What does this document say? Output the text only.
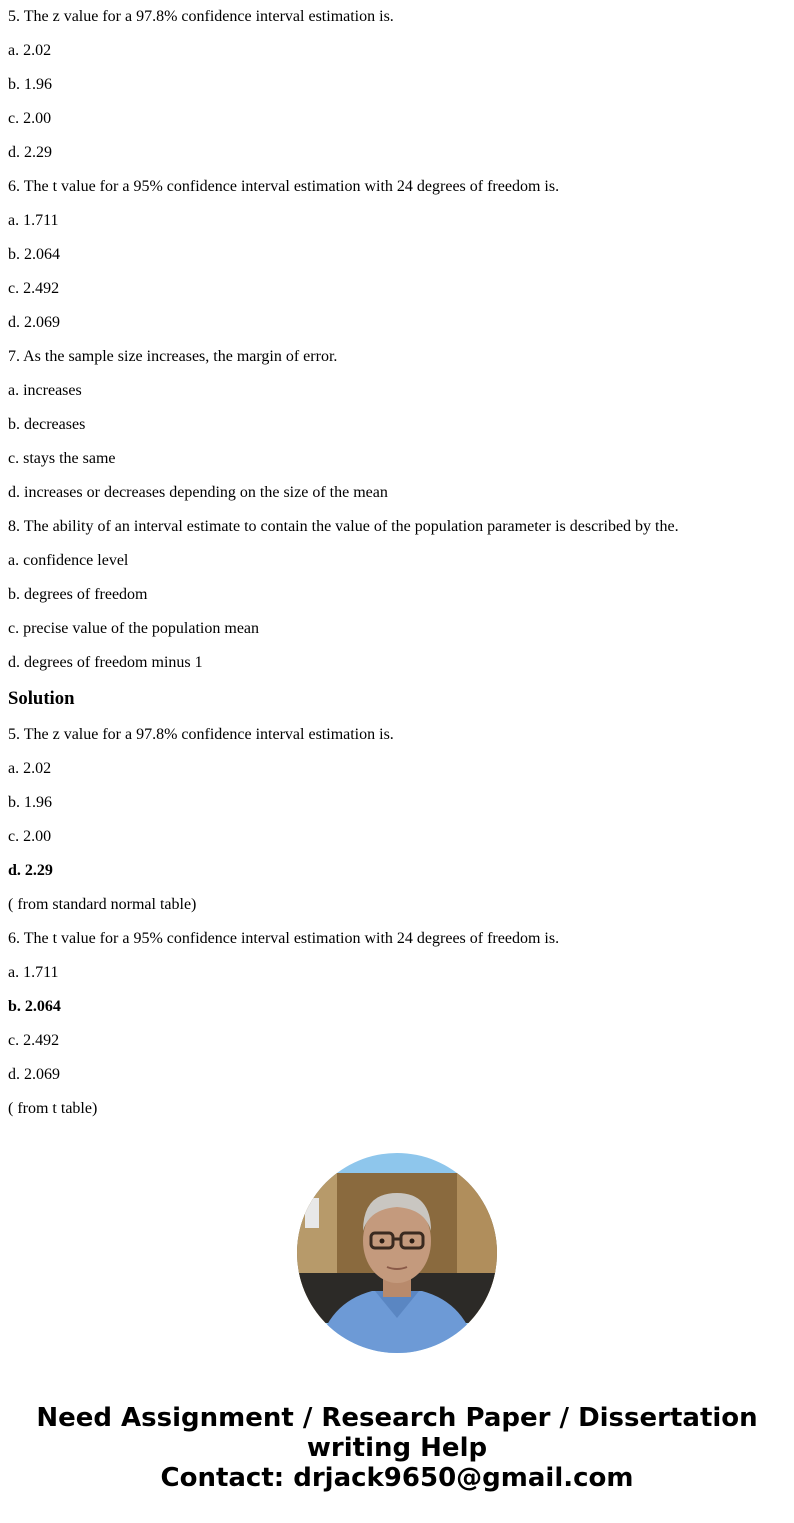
5. The z value for a 97.8% confidence interval estimation is.
a. 2.02
b. 1.96
c. 2.00
d. 2.29
6. The t value for a 95% confidence interval estimation with 24 degrees of freedom is.
a. 1.711
b. 2.064
c. 2.492
d. 2.069
7. As the sample size increases, the margin of error.
a. increases
b. decreases
c. stays the same
d. increases or decreases depending on the size of the mean
8. The ability of an interval estimate to contain the value of the population parameter is described by the.
a. confidence level
b. degrees of freedom
c. precise value of the population mean
d. degrees of freedom minus 1
Solution
5. The z value for a 97.8% confidence interval estimation is.
a. 2.02
b. 1.96
c. 2.00
d. 2.29
( from standard normal table)
6. The t value for a 95% confidence interval estimation with 24 degrees of freedom is.
a. 1.711
b. 2.064
c. 2.492
d. 2.069
( from t table)
Need Assignment / Research Paper / Dissertation
writing Help
Contact: drjack9650@gmail.com
